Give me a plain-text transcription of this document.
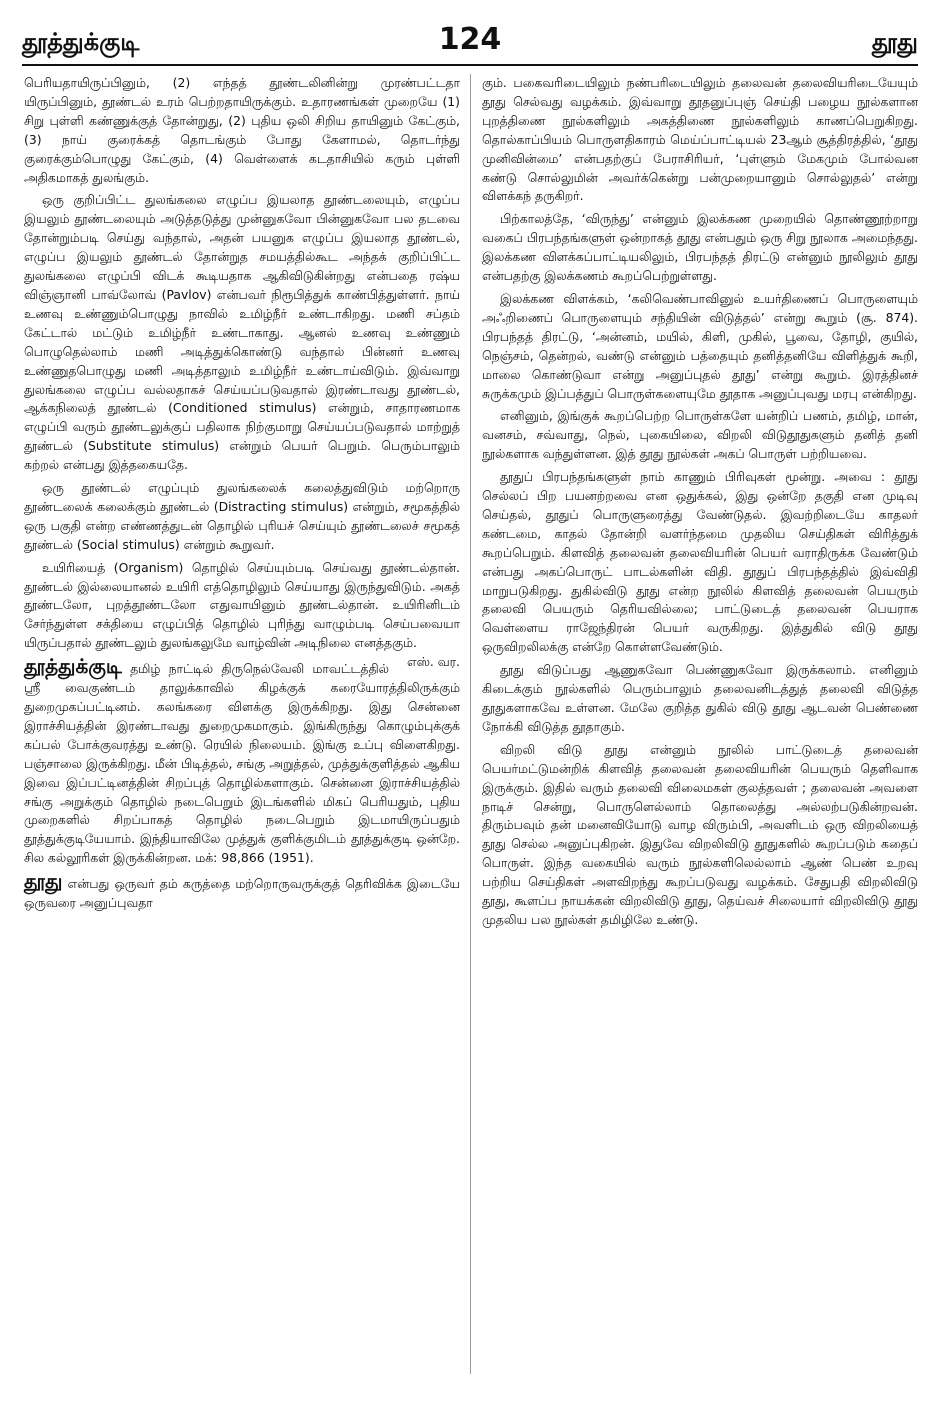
தூத்துக்குடி	124	தூது

பெரியதாயிருப்பினும், (2) எந்தத் தூண்டலினின்று முரண்பட்டதா யிருப்பினும், தூண்டல் உரம் பெற்றதாயிருக்கும். உதாரணங்கள் முறையே (1) சிறு புள்ளி கண்ணுக்குத் தோன்றுது, (2) புதிய ஒலி சிறிய தாயினும் கேட்கும், (3) நாய் குரைக்கத் தொடங்கும் போது கேளாமல், தொடர்ந்து குரைக்கும்பொழுது கேட்கும், (4) வெள்ளைக் கடதாசியில் கரும் புள்ளி அதிகமாகத் துலங்கும்.

ஒரு குறிப்பிட்ட துலங்கலை எழுப்ப இயலாத தூண்டலையும், எழுப்ப இயலும் தூண்டலையும் அடுத்தடுத்து முன்னுகவோ பின்னுகவோ பல தடவை தோன்றும்படி செய்து வந்தால், அதன் பயனுக எழுப்ப இயலாத தூண்டல், எழுப்ப இயலும் தூண்டல் தோன்றுத சமயத்தில்கூட அந்தக் குறிப்பிட்ட துலங்கலை எழுப்பி விடக் கூடியதாக ஆகிவிடுகின்றது என்பதை ரஷ்ய விஞ்ஞானி பாவ்லோவ் (Pavlov) என்பவர் நிரூபித்துக் காண்பித்துள்ளர். நாய் உணவு உண்ணும்பொழுது நாவில் உமிழ்நீர் உண்டாகிறது. மணி சப்தம் கேட்டால் மட்டும் உமிழ்நீர் உண்டாகாது. ஆனல் உணவு உண்ணும் பொழுதெல்லாம் மணி அடித்துக்கொண்டு வந்தால் பின்னர் உணவு உண்ணுதபொழுது மணி அடித்தாலும் உமிழ்நீர் உண்டாய்விடும். இவ்வாறு துலங்கலை எழுப்ப வல்லதாகச் செய்யப்படுவதால் இரண்டாவது தூண்டல், ஆக்கநிலைத் தூண்டல் (Conditioned stimulus) என்றும், சாதாரணமாக எழுப்பி வரும் தூண்டலுக்குப் பதிலாக நிற்குமாறு செய்யப்படுவதால் மாற்றுத் தூண்டல் (Substitute stimulus) என்றும் பெயர் பெறும். பெரும்பாலும் கற்றல் என்பது இத்தகையதே.

ஒரு தூண்டல் எழுப்பும் துலங்கலைக் கலைத்துவிடும் மற்றொரு தூண்டலைக் கலைக்கும் தூண்டல் (Distracting stimulus) என்றும், சமூகத்தில் ஒரு பகுதி என்ற எண்ணத்துடன் தொழில் புரியச் செய்யும் தூண்டலைச் சமூகத் தூண்டல் (Social stimulus) என்றும் கூறுவர்.

உயிரியைத் (Organism) தொழில் செய்யும்படி செய்வது தூண்டல்தான். தூண்டல் இல்லையானல் உயிரி எத்தொழிலும் செய்யாது இருந்துவிடும். அகத் தூண்டலோ, புறத்தூண்டலோ எதுவாயினும் தூண்டல்தான். உயிரினிடம் சேர்ந்துள்ள சக்தியை எழுப்பித் தொழில் புரிந்து வாழும்படி செய்பவையா யிருப்பதால் தூண்டலும் துலங்கலுமே வாழ்வின் அடிநிலை எனத்தகும்.
எஸ். வர.

தூத்துக்குடி தமிழ் நாட்டில் திருநெல்வேலி மாவட்டத்தில் ஸ்ரீ வைகுண்டம் தாலுக்காவில் கிழக்குக் கரையோரத்திலிருக்கும் துறைமுகப்பட்டினம். கலங்கரை விளக்கு இருக்கிறது. இது சென்னை இராச்சியத்தின் இரண்டாவது துறைமுகமாகும். இங்கிருந்து கொழும்புக்குக் கப்பல் போக்குவரத்து உண்டு. ரெயில் நிலையம். இங்கு உப்பு விளைகிறது. பஞ்சாலை இருக்கிறது. மீன் பிடித்தல், சங்கு அறுத்தல், முத்துக்குளித்தல் ஆகிய இவை இப்பட்டினத்தின் சிறப்புத் தொழில்களாகும். சென்னை இராச்சியத்தில் சங்கு அறுக்கும் தொழில் நடைபெறும் இடங்களில் மிகப் பெரியதும், புதிய முறைகளில் சிறப்பாகத் தொழில் நடைபெறும் இடமாயிருப்பதும் தூத்துக்குடியேயாம். இந்தியாவிலே முத்துக் குளிக்குமிடம் தூத்துக்குடி ஒன்றே. சில கல்லூரிகள் இருக்கின்றன. மக்: 98,866 (1951).

தூது என்பது ஒருவர் தம் கருத்தை மற்றொருவருக்குத் தெரிவிக்க இடையே ஒருவரை அனுப்புவதா

கும். பகைவரிடையிலும் நண்பரிடையிலும் தலைவன் தலைவியரிடையேயும் தூது செல்வது வழக்கம். இவ்வாறு தூதனுப்புஞ் செய்தி பழைய நூல்களான புறத்திணை நூல்களிலும் அகத்திணை நூல்களிலும் காணப்பெறுகிறது. தொல்காப்பியம் பொருளதிகாரம் மெய்ப்பாட்டியல் 23ஆம் சூத்திரத்தில், ‘தூது முனிவின்மை’ என்பதற்குப் பேராசிரியர், ‘புள்ளும் மேகமும் போல்வன கண்டு சொல்லுமின் அவர்க்கென்று பன்முறையானும் சொல்லுதல்’ என்று விளக்கந் தருகிறர்.

பிற்காலத்தே, ‘விருந்து’ என்னும் இலக்கண முறையில் தொண்ணூற்றாறு வகைப் பிரபந்தங்களுள் ஒன்றாகத் தூது என்பதும் ஒரு சிறு நூலாக அமைந்தது. இலக்கண விளக்கப்பாட்டியலிலும், பிரபந்தத் திரட்டு என்னும் நூலிலும் தூது என்பதற்கு இலக்கணம் கூறப்பெற்றுள்ளது.

இலக்கண விளக்கம், ‘கலிவெண்பாவினுல் உயர்திணைப் பொருளையும் அஃறிணைப் பொருளையும் சந்தியின் விடுத்தல்’ என்று கூறும் (சூ. 874). பிரபந்தத் திரட்டு, ‘அன்னம், மயில், கிளி, முகில், பூவை, தோழி, குயில், நெஞ்சம், தென்றல், வண்டு என்னும் பத்தையும் தனித்தனியே விளித்துக் கூறி, மாலை கொண்டுவா என்று அனுப்புதல் தூது’ என்று கூறும். இரத்தினச் சுருக்கமும் இப்பத்துப் பொருள்களையுமே தூதாக அனுப்புவது மரபு என்கிறது.

எனினும், இங்குக் கூறப்பெற்ற பொருள்களே யன்றிப் பணம், தமிழ், மான், வனசம், சவ்வாது, நெல், புகையிலை, விறலி விடுதூதுகளும் தனித் தனி நூல்களாக வந்துள்ளன. இத் தூது நூல்கள் அகப் பொருள் பற்றியவை.

தூதுப் பிரபந்தங்களுள் நாம் காணும் பிரிவுகள் மூன்று. அவை : தூது செல்லப் பிற பயனற்றவை என ஒதுக்கல், இது ஒன்றே தகுதி என முடிவு செய்தல், தூதுப் பொருளுரைத்து வேண்டுதல். இவற்றிடையே காதலர் கண்டமை, காதல் தோன்றி வளர்ந்தமை முதலிய செய்திகள் விரித்துக் கூறப்பெறும். கிளவித் தலைவன் தலைவியரின் பெயர் வராதிருக்க வேண்டும் என்பது அகப்பொருட் பாடல்களின் விதி. தூதுப் பிரபந்தத்தில் இவ்விதி மாறுபடுகிறது. துகில்விடு தூது என்ற நூலில் கிளவித் தலைவன் பெயரும் தலைவி பெயரும் தெரியவில்லை; பாட்டுடைத் தலைவன் பெயராக வெள்ளைய ராஜேந்திரன் பெயர் வருகிறது. இத்துகில் விடு தூது ஒருவிறலிலக்கு என்றே கொள்ளவேண்டும்.

தூது விடுப்பது ஆணுகவோ பெண்ணுகவோ இருக்கலாம். எனினும் கிடைக்கும் நூல்களில் பெரும்பாலும் தலைவனிடத்துத் தலைவி விடுத்த தூதுகளாகவே உள்ளன. மேலே குறித்த துகில் விடு தூது ஆடவன் பெண்ணை நோக்கி விடுத்த தூதாகும்.

விறலி விடு தூது என்னும் நூலில் பாட்டுடைத் தலைவன் பெயர்மட்டுமன்றிக் கிளவித் தலைவன் தலைவியரின் பெயரும் தெளிவாக இருக்கும். இதில் வரும் தலைவி விலைமகள் குலத்தவள் ; தலைவன் அவளை நாடிச் சென்று, பொருளெல்லாம் தொலைத்து அல்லற்படுகின்றவன். திரும்பவும் தன் மனைவியோடு வாழ விரும்பி, அவளிடம் ஒரு விறலியைத் தூது செல்ல அனுப்புகிறன். இதுவே விறலிவிடு தூதுகளில் கூறப்படும் கதைப் பொருள். இந்த வகையில் வரும் நூல்களிலெல்லாம் ஆண் பெண் உறவு பற்றிய செய்திகள் அளவிறந்து கூறப்படுவது வழக்கம். சேதுபதி விறலிவிடு தூது, கூளப்ப நாயக்கன் விறலிவிடு தூது, தெய்வச் சிலையார் விறலிவிடு தூது முதலிய பல நூல்கள் தமிழிலே உண்டு.
